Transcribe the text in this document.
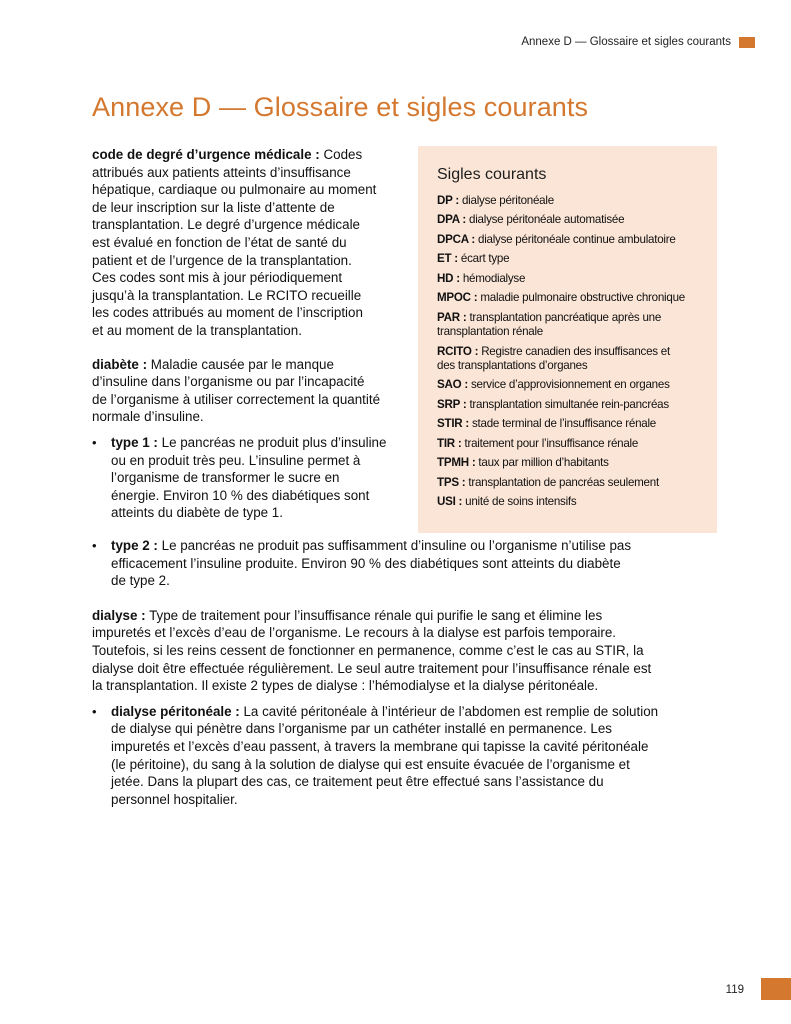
Annexe D — Glossaire et sigles courants
Annexe D — Glossaire et sigles courants

code de degré d’urgence médicale : Codes
attribués aux patients atteints d’insuffisance
hépatique, cardiaque ou pulmonaire au moment
de leur inscription sur la liste d’attente de
transplantation. Le degré d’urgence médicale
est évalué en fonction de l’état de santé du
patient et de l’urgence de la transplantation.
Ces codes sont mis à jour périodiquement
jusqu’à la transplantation. Le RCITO recueille
les codes attribués au moment de l’inscription
et au moment de la transplantation.

diabète : Maladie causée par le manque
d’insuline dans l’organisme ou par l’incapacité
de l’organisme à utiliser correctement la quantité
normale d’insuline.

• type 1 : Le pancréas ne produit plus d’insuline
ou en produit très peu. L’insuline permet à
l’organisme de transformer le sucre en
énergie. Environ 10 % des diabétiques sont
atteints du diabète de type 1.
• type 2 : Le pancréas ne produit pas suffisamment d’insuline ou l’organisme n’utilise pas
efficacement l’insuline produite. Environ 90 % des diabétiques sont atteints du diabète
de type 2.

dialyse : Type de traitement pour l’insuffisance rénale qui purifie le sang et élimine les
impuretés et l’excès d’eau de l’organisme. Le recours à la dialyse est parfois temporaire.
Toutefois, si les reins cessent de fonctionner en permanence, comme c’est le cas au STIR, la
dialyse doit être effectuée régulièrement. Le seul autre traitement pour l’insuffisance rénale est
la transplantation. Il existe 2 types de dialyse : l’hémodialyse et la dialyse péritonéale.

• dialyse péritonéale : La cavité péritonéale à l’intérieur de l’abdomen est remplie de solution
de dialyse qui pénètre dans l’organisme par un cathéter installé en permanence. Les
impuretés et l’excès d’eau passent, à travers la membrane qui tapisse la cavité péritonéale
(le péritoine), du sang à la solution de dialyse qui est ensuite évacuée de l’organisme et
jetée. Dans la plupart des cas, ce traitement peut être effectué sans l’assistance du
personnel hospitalier.
Sigles courants
DP : dialyse péritonéale
DPA : dialyse péritonéale automatisée
DPCA : dialyse péritonéale continue ambulatoire
ET : écart type
HD : hémodialyse
MPOC : maladie pulmonaire obstructive chronique
PAR : transplantation pancréatique après une
transplantation rénale
RCITO : Registre canadien des insuffisances et
des transplantations d’organes
SAO : service d’approvisionnement en organes
SRP : transplantation simultanée rein-pancréas
STIR : stade terminal de l’insuffisance rénale
TIR : traitement pour l’insuffisance rénale
TPMH : taux par million d’habitants
TPS : transplantation de pancréas seulement
USI : unité de soins intensifs
119
